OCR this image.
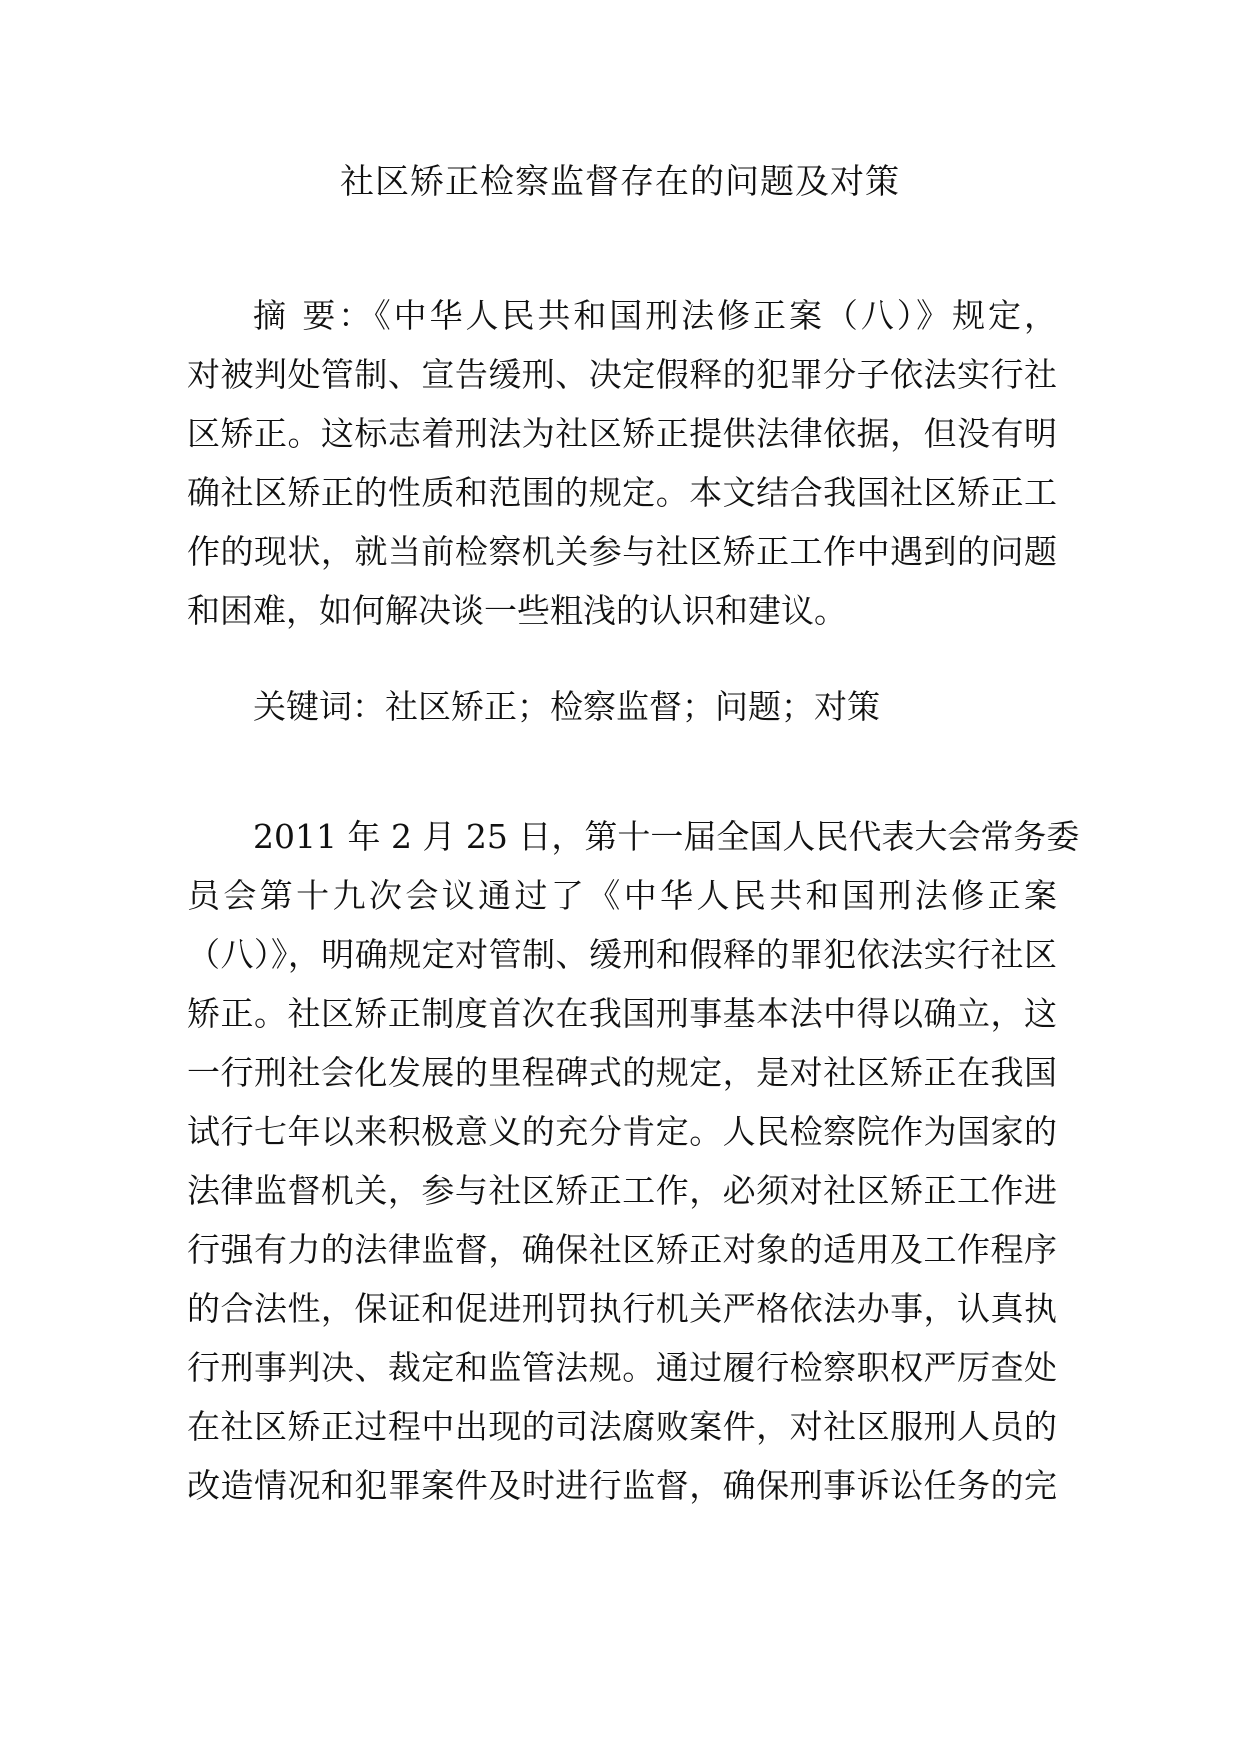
社区矫正检察监督存在的问题及对策
摘 要：《中华人民共和国刑法修正案（八）》规定，
对被判处管制、宣告缓刑、决定假释的犯罪分子依法实行社
区矫正。这标志着刑法为社区矫正提供法律依据，但没有明
确社区矫正的性质和范围的规定。本文结合我国社区矫正工
作的现状，就当前检察机关参与社区矫正工作中遇到的问题
和困难，如何解决谈一些粗浅的认识和建议。
关键词：社区矫正；检察监督；问题；对策
2011 年 2 月 25 日，第十一届全国人民代表大会常务委
员会第十九次会议通过了《中华人民共和国刑法修正案
（八）》，明确规定对管制、缓刑和假释的罪犯依法实行社区
矫正。社区矫正制度首次在我国刑事基本法中得以确立，这
一行刑社会化发展的里程碑式的规定，是对社区矫正在我国
试行七年以来积极意义的充分肯定。人民检察院作为国家的
法律监督机关，参与社区矫正工作，必须对社区矫正工作进
行强有力的法律监督，确保社区矫正对象的适用及工作程序
的合法性，保证和促进刑罚执行机关严格依法办事，认真执
行刑事判决、裁定和监管法规。通过履行检察职权严厉查处
在社区矫正过程中出现的司法腐败案件，对社区服刑人员的
改造情况和犯罪案件及时进行监督，确保刑事诉讼任务的完
